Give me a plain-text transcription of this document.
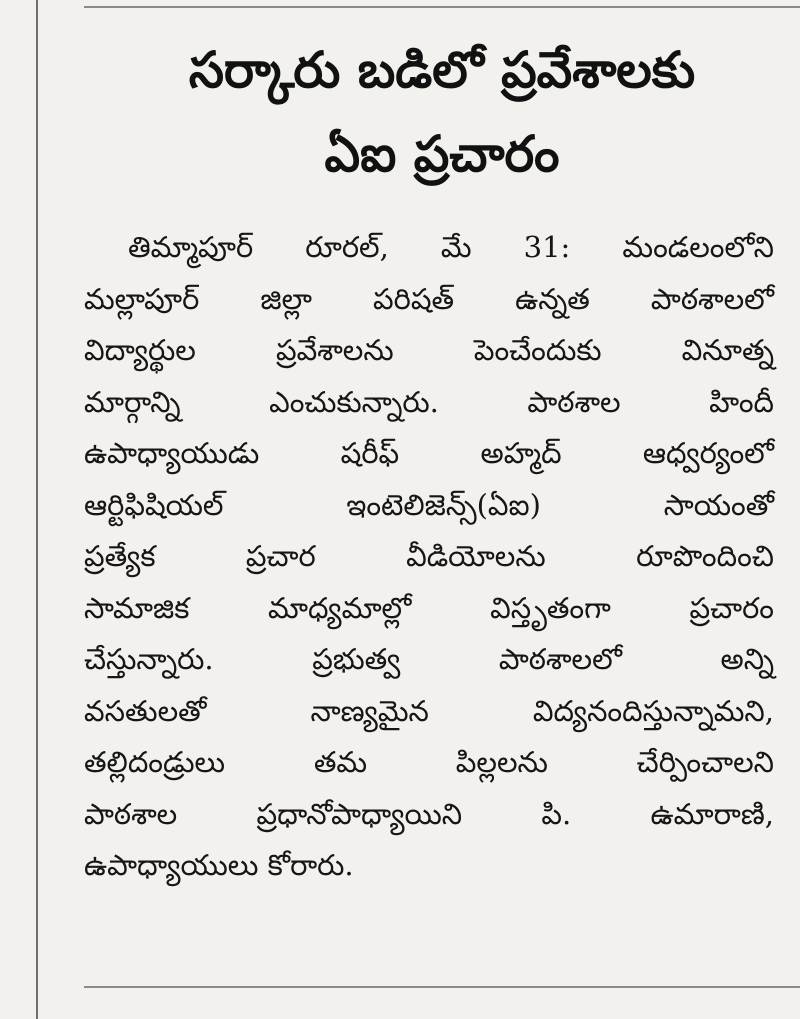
సర్కారు బడిలో ప్రవేశాలకు
ఏఐ ప్రచారం
తిమ్మాపూర్ రూరల్, మే 31: మండలంలోని
మల్లాపూర్ జిల్లా పరిషత్ ఉన్నత పాఠశాలలో
విద్యార్థుల ప్రవేశాలను పెంచేందుకు వినూత్న
మార్గాన్ని ఎంచుకున్నారు. పాఠశాల హిందీ
ఉపాధ్యాయుడు షరీఫ్ అహ్మద్ ఆధ్వర్యంలో
ఆర్టిఫిషియల్ ఇంటెలిజెన్స్(ఏఐ) సాయంతో
ప్రత్యేక ప్రచార వీడియోలను రూపొందించి
సామాజిక మాధ్యమాల్లో విస్తృతంగా ప్రచారం
చేస్తున్నారు. ప్రభుత్వ పాఠశాలలో అన్ని
వసతులతో నాణ్యమైన విద్యనందిస్తున్నామని,
తల్లిదండ్రులు తమ పిల్లలను చేర్పించాలని
పాఠశాల ప్రధానోపాధ్యాయిని పి. ఉమారాణి,
ఉపాధ్యాయులు కోరారు.
